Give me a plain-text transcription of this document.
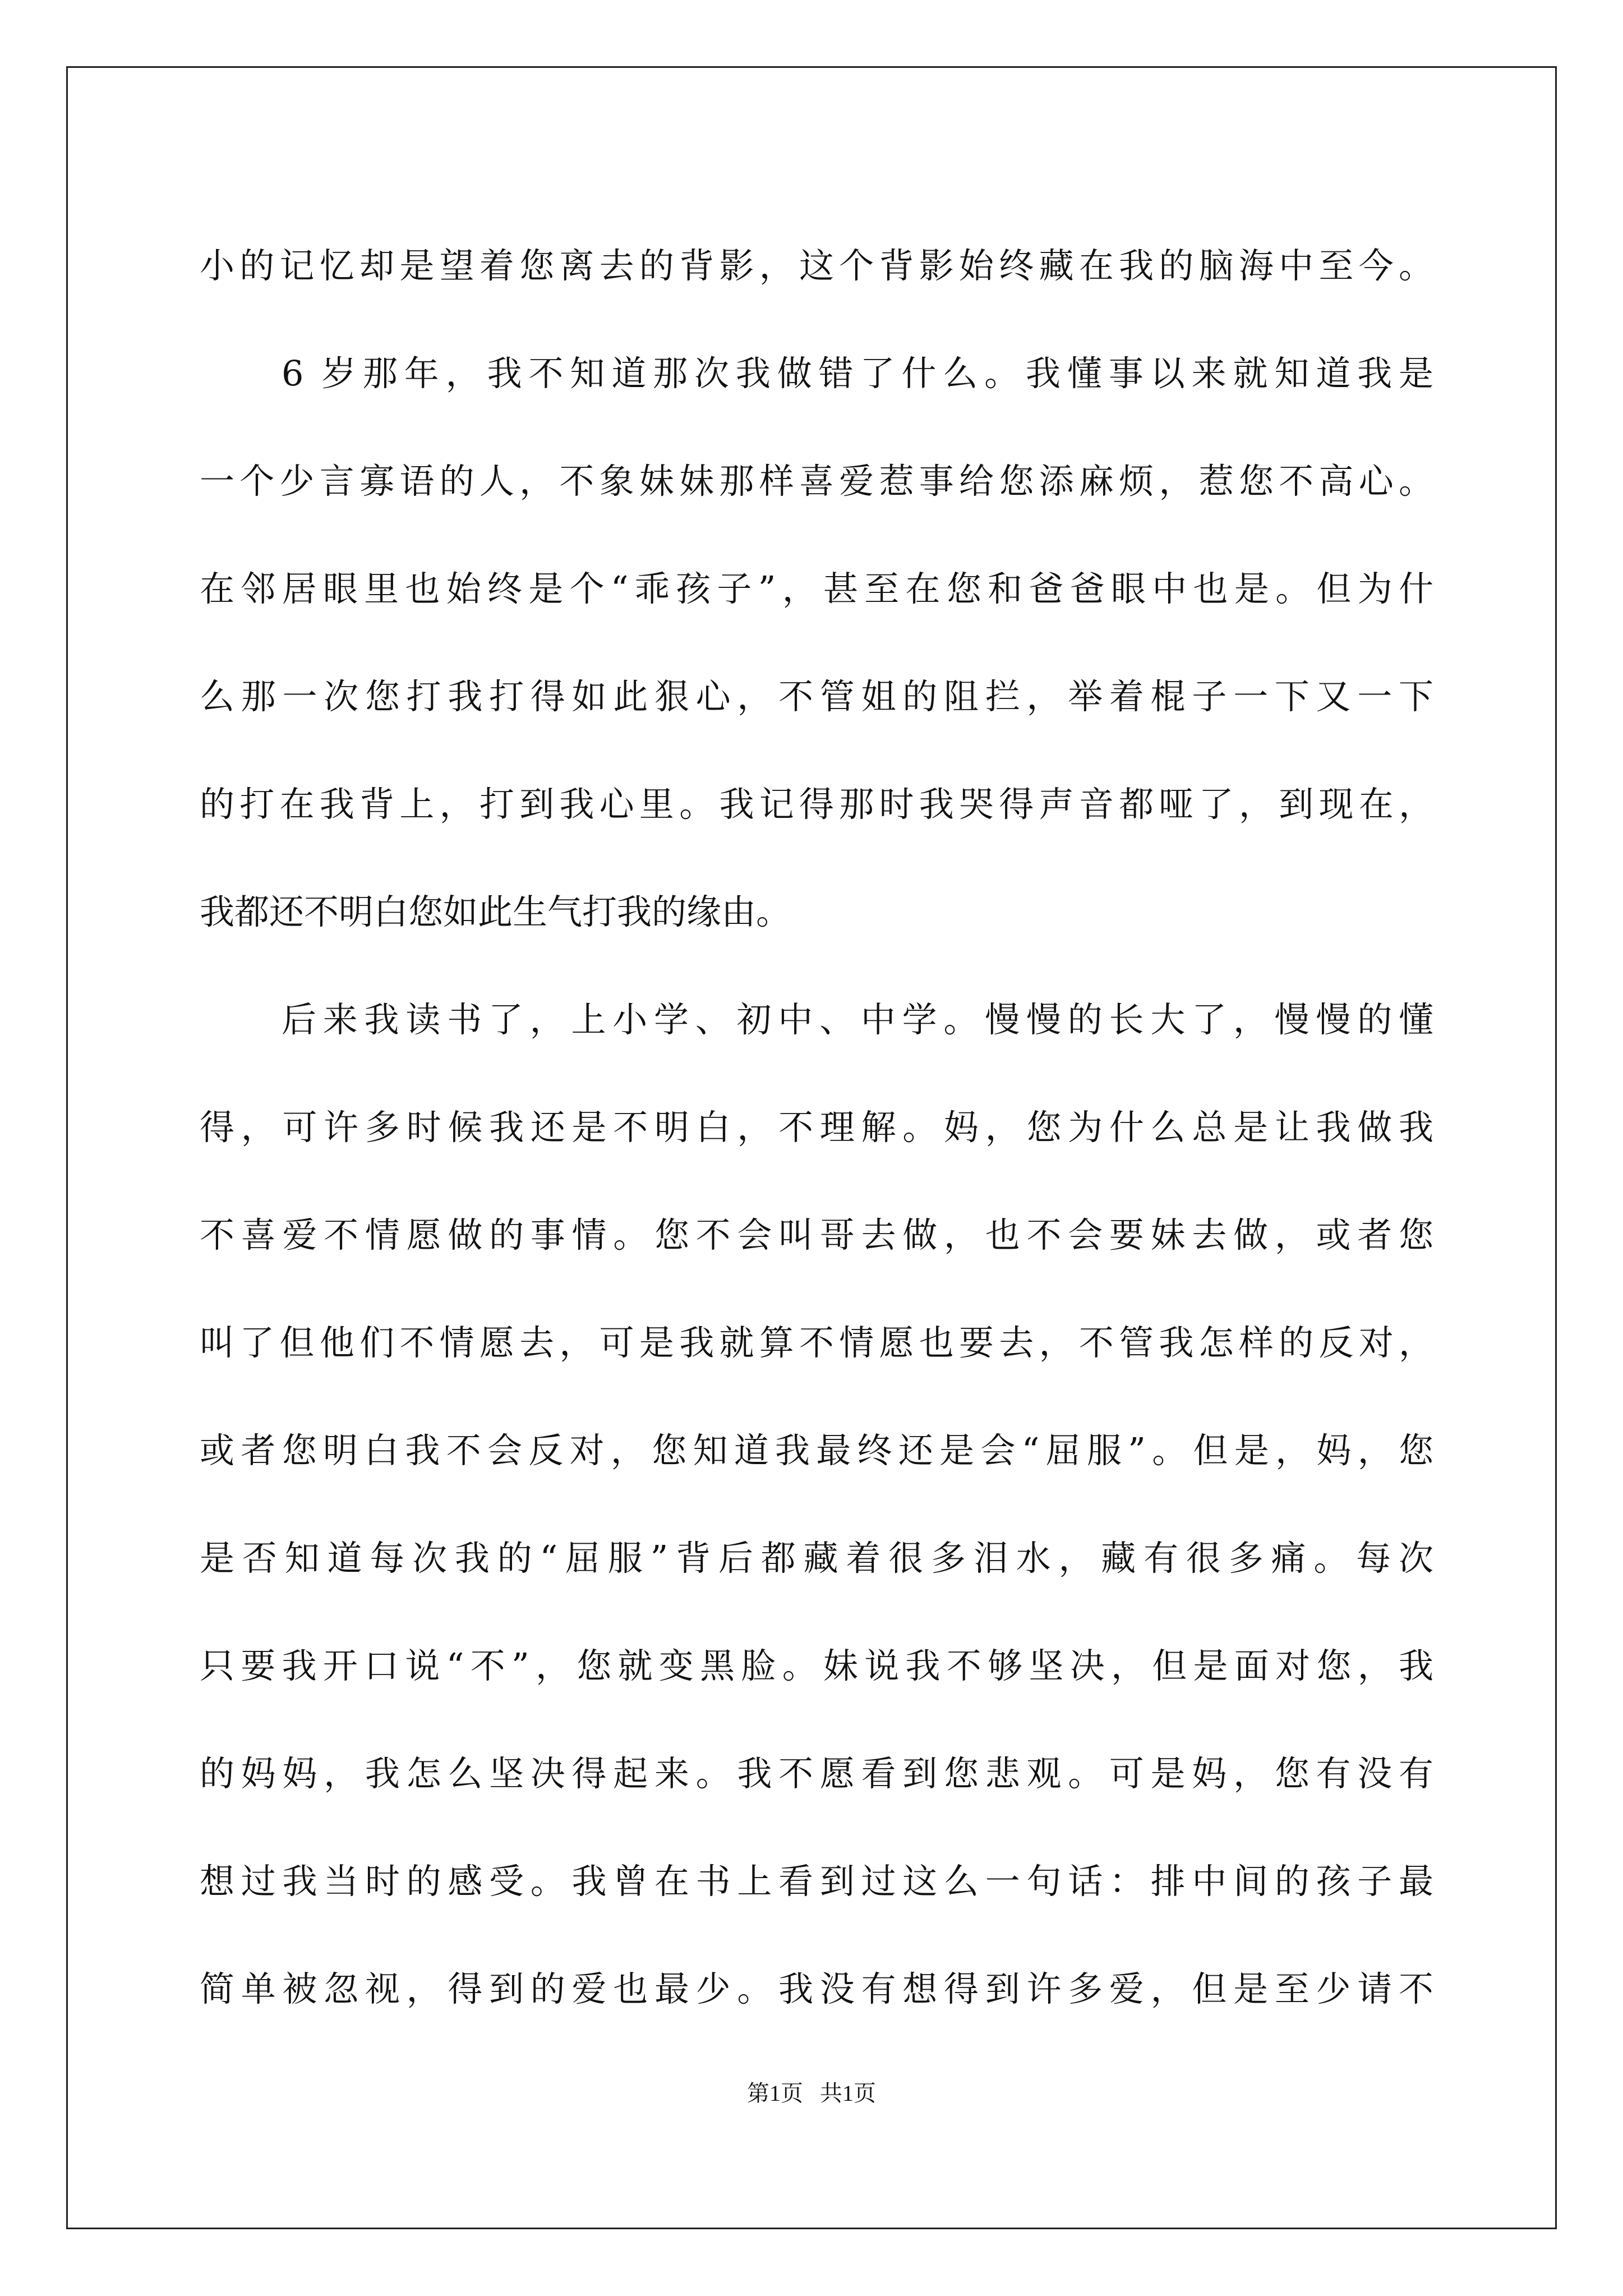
小的记忆却是望着您离去的背影，这个背影始终藏在我的脑海中至今。
6 岁那年，我不知道那次我做错了什么。我懂事以来就知道我是
一个少言寡语的人，不象妹妹那样喜爱惹事给您添麻烦，惹您不高心。
在邻居眼里也始终是个“乖孩子”，甚至在您和爸爸眼中也是。但为什
么那一次您打我打得如此狠心，不管姐的阻拦，举着棍子一下又一下
的打在我背上，打到我心里。我记得那时我哭得声音都哑了，到现在，
我都还不明白您如此生气打我的缘由。
后来我读书了，上小学、初中、中学。慢慢的长大了，慢慢的懂
得，可许多时候我还是不明白，不理解。妈，您为什么总是让我做我
不喜爱不情愿做的事情。您不会叫哥去做，也不会要妹去做，或者您
叫了但他们不情愿去，可是我就算不情愿也要去，不管我怎样的反对，
或者您明白我不会反对，您知道我最终还是会“屈服”。但是，妈，您
是否知道每次我的“屈服”背后都藏着很多泪水，藏有很多痛。每次
只要我开口说“不”，您就变黑脸。妹说我不够坚决，但是面对您，我
的妈妈，我怎么坚决得起来。我不愿看到您悲观。可是妈，您有没有
想过我当时的感受。我曾在书上看到过这么一句话：排中间的孩子最
简单被忽视，得到的爱也最少。我没有想得到许多爱，但是至少请不
第1页   共1页
